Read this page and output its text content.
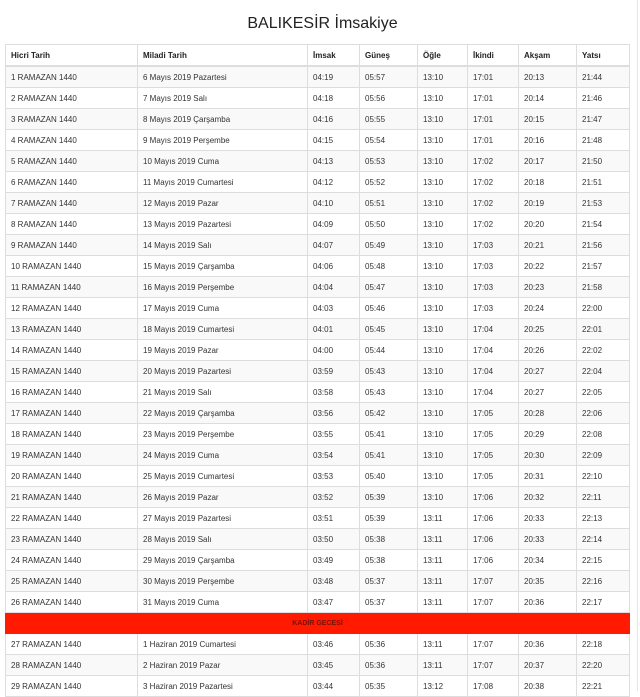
BALIKESİR İmsakiye
Hicri Tarih	Miladi Tarih	İmsak	Güneş	Öğle	İkindi	Akşam	Yatsı
1 RAMAZAN 1440	6 Mayıs 2019 Pazartesi	04:19	05:57	13:10	17:01	20:13	21:44
2 RAMAZAN 1440	7 Mayıs 2019 Salı	04:18	05:56	13:10	17:01	20:14	21:46
3 RAMAZAN 1440	8 Mayıs 2019 Çarşamba	04:16	05:55	13:10	17:01	20:15	21:47
4 RAMAZAN 1440	9 Mayıs 2019 Perşembe	04:15	05:54	13:10	17:01	20:16	21:48
5 RAMAZAN 1440	10 Mayıs 2019 Cuma	04:13	05:53	13:10	17:02	20:17	21:50
6 RAMAZAN 1440	11 Mayıs 2019 Cumartesi	04:12	05:52	13:10	17:02	20:18	21:51
7 RAMAZAN 1440	12 Mayıs 2019 Pazar	04:10	05:51	13:10	17:02	20:19	21:53
8 RAMAZAN 1440	13 Mayıs 2019 Pazartesi	04:09	05:50	13:10	17:02	20:20	21:54
9 RAMAZAN 1440	14 Mayıs 2019 Salı	04:07	05:49	13:10	17:03	20:21	21:56
10 RAMAZAN 1440	15 Mayıs 2019 Çarşamba	04:06	05:48	13:10	17:03	20:22	21:57
11 RAMAZAN 1440	16 Mayıs 2019 Perşembe	04:04	05:47	13:10	17:03	20:23	21:58
12 RAMAZAN 1440	17 Mayıs 2019 Cuma	04:03	05:46	13:10	17:03	20:24	22:00
13 RAMAZAN 1440	18 Mayıs 2019 Cumartesi	04:01	05:45	13:10	17:04	20:25	22:01
14 RAMAZAN 1440	19 Mayıs 2019 Pazar	04:00	05:44	13:10	17:04	20:26	22:02
15 RAMAZAN 1440	20 Mayıs 2019 Pazartesi	03:59	05:43	13:10	17:04	20:27	22:04
16 RAMAZAN 1440	21 Mayıs 2019 Salı	03:58	05:43	13:10	17:04	20:27	22:05
17 RAMAZAN 1440	22 Mayıs 2019 Çarşamba	03:56	05:42	13:10	17:05	20:28	22:06
18 RAMAZAN 1440	23 Mayıs 2019 Perşembe	03:55	05:41	13:10	17:05	20:29	22:08
19 RAMAZAN 1440	24 Mayıs 2019 Cuma	03:54	05:41	13:10	17:05	20:30	22:09
20 RAMAZAN 1440	25 Mayıs 2019 Cumartesi	03:53	05:40	13:10	17:05	20:31	22:10
21 RAMAZAN 1440	26 Mayıs 2019 Pazar	03:52	05:39	13:10	17:06	20:32	22:11
22 RAMAZAN 1440	27 Mayıs 2019 Pazartesi	03:51	05:39	13:11	17:06	20:33	22:13
23 RAMAZAN 1440	28 Mayıs 2019 Salı	03:50	05:38	13:11	17:06	20:33	22:14
24 RAMAZAN 1440	29 Mayıs 2019 Çarşamba	03:49	05:38	13:11	17:06	20:34	22:15
25 RAMAZAN 1440	30 Mayıs 2019 Perşembe	03:48	05:37	13:11	17:07	20:35	22:16
26 RAMAZAN 1440	31 Mayıs 2019 Cuma	03:47	05:37	13:11	17:07	20:36	22:17
KADİR GECESİ							
27 RAMAZAN 1440	1 Haziran 2019 Cumartesi	03:46	05:36	13:11	17:07	20:36	22:18
28 RAMAZAN 1440	2 Haziran 2019 Pazar	03:45	05:36	13:11	17:07	20:37	22:20
29 RAMAZAN 1440	3 Haziran 2019 Pazartesi	03:44	05:35	13:12	17:08	20:38	22:21
